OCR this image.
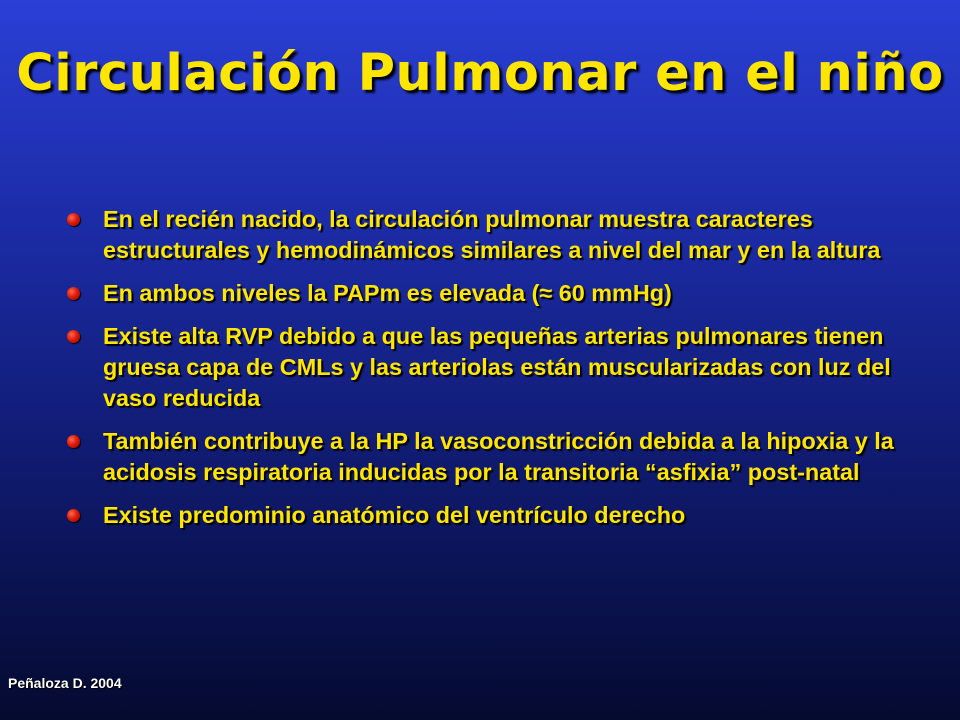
Circulación Pulmonar en el niño
En el recién nacido, la circulación pulmonar muestra caracteres estructurales y hemodinámicos similares a nivel del mar y en la altura
En ambos niveles la PAPm es elevada (≈ 60 mmHg)
Existe alta RVP debido a que las pequeñas arterias pulmonares tienen gruesa capa de CMLs y las arteriolas están muscularizadas con luz del vaso reducida
También contribuye a la HP la vasoconstricción debida a la hipoxia y la acidosis respiratoria inducidas por la transitoria “asfixia” post-natal
Existe predominio anatómico del ventrículo derecho
Peñaloza D. 2004
